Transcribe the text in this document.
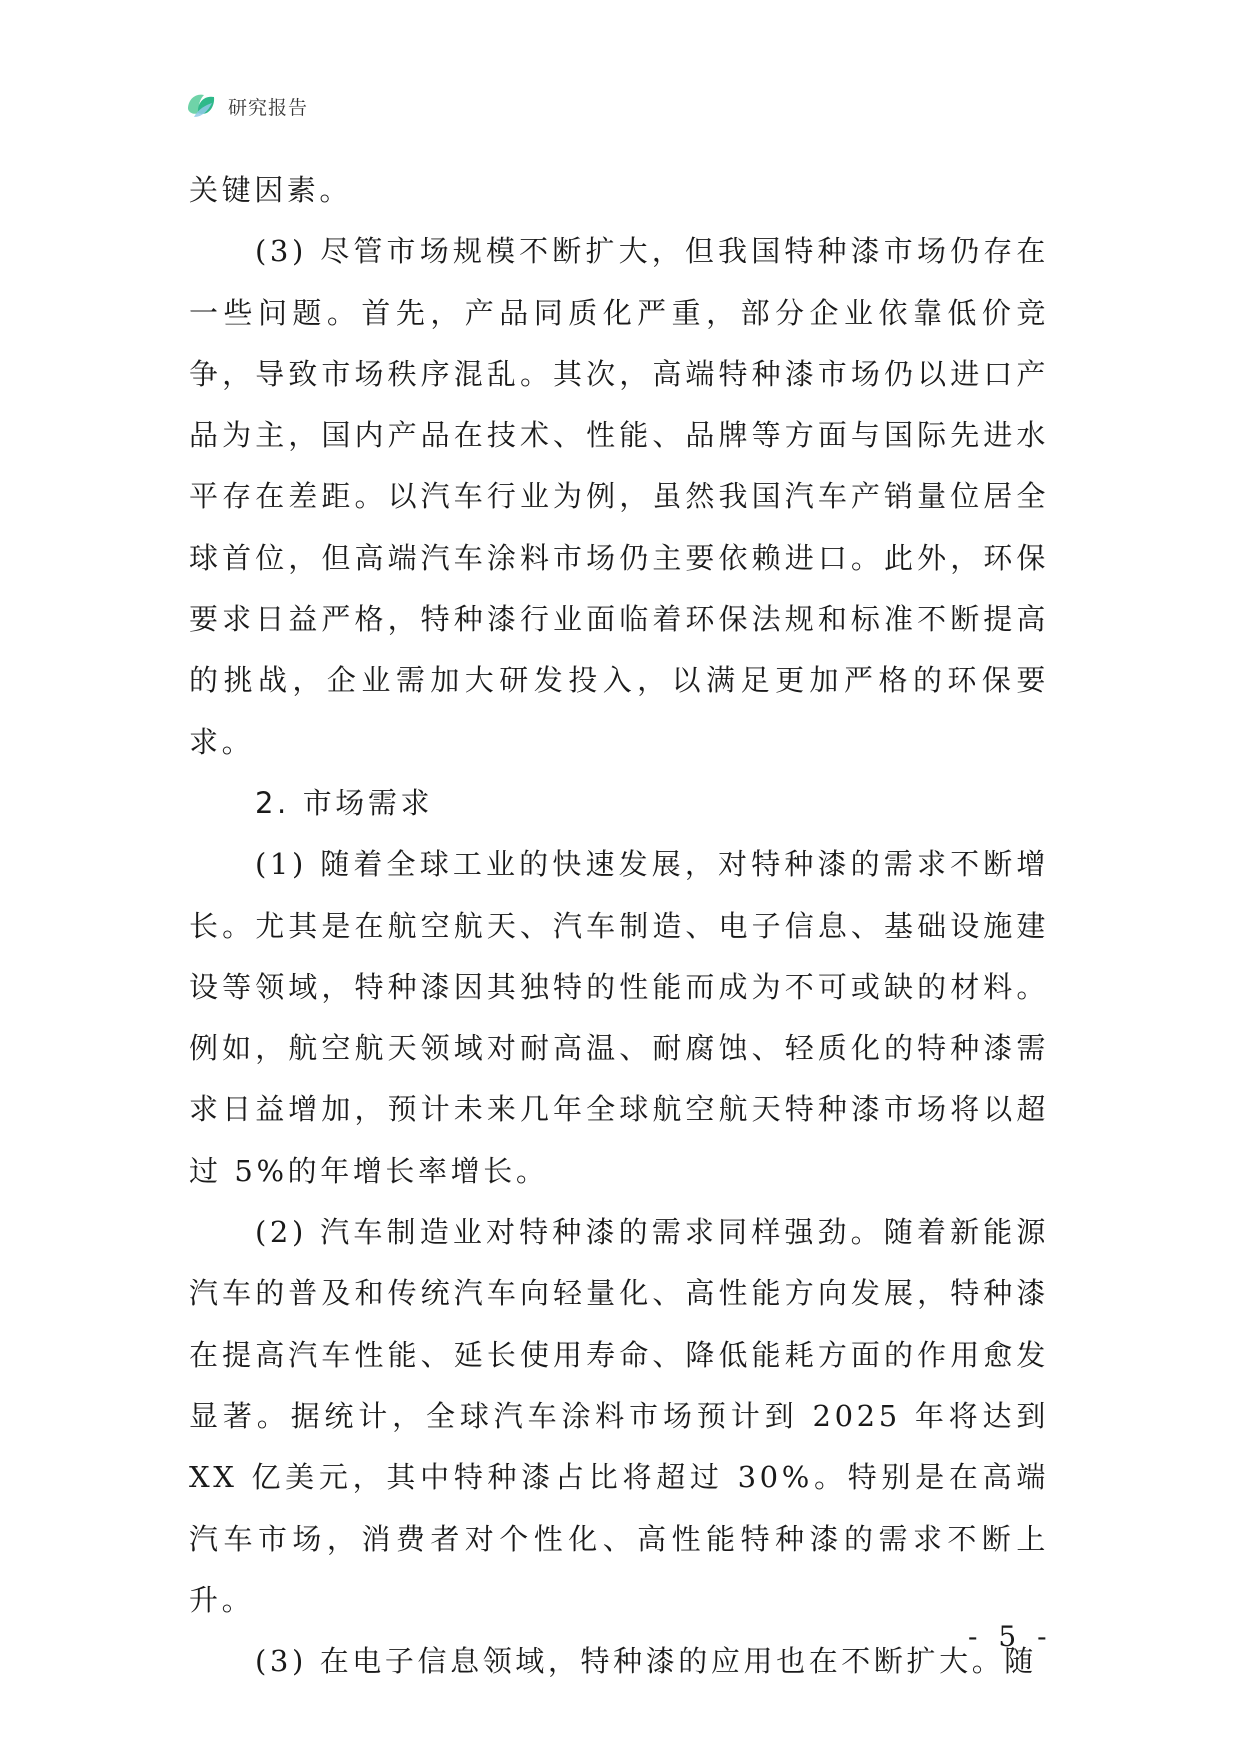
研究报告

关键因素。

(3) 尽管市场规模不断扩大，但我国特种漆市场仍存在一些问题。首先，产品同质化严重，部分企业依靠低价竞争，导致市场秩序混乱。其次，高端特种漆市场仍以进口产品为主，国内产品在技术、性能、品牌等方面与国际先进水平存在差距。以汽车行业为例，虽然我国汽车产销量位居全球首位，但高端汽车涂料市场仍主要依赖进口。此外，环保要求日益严格，特种漆行业面临着环保法规和标准不断提高的挑战，企业需加大研发投入，以满足更加严格的环保要求。

2. 市场需求

(1) 随着全球工业的快速发展，对特种漆的需求不断增长。尤其是在航空航天、汽车制造、电子信息、基础设施建设等领域，特种漆因其独特的性能而成为不可或缺的材料。例如，航空航天领域对耐高温、耐腐蚀、轻质化的特种漆需求日益增加，预计未来几年全球航空航天特种漆市场将以超过 5%的年增长率增长。

(2) 汽车制造业对特种漆的需求同样强劲。随着新能源汽车的普及和传统汽车向轻量化、高性能方向发展，特种漆在提高汽车性能、延长使用寿命、降低能耗方面的作用愈发显著。据统计，全球汽车涂料市场预计到 2025 年将达到 XX 亿美元，其中特种漆占比将超过 30%。特别是在高端汽车市场，消费者对个性化、高性能特种漆的需求不断上升。

(3) 在电子信息领域，特种漆的应用也在不断扩大。随

- 5 -
